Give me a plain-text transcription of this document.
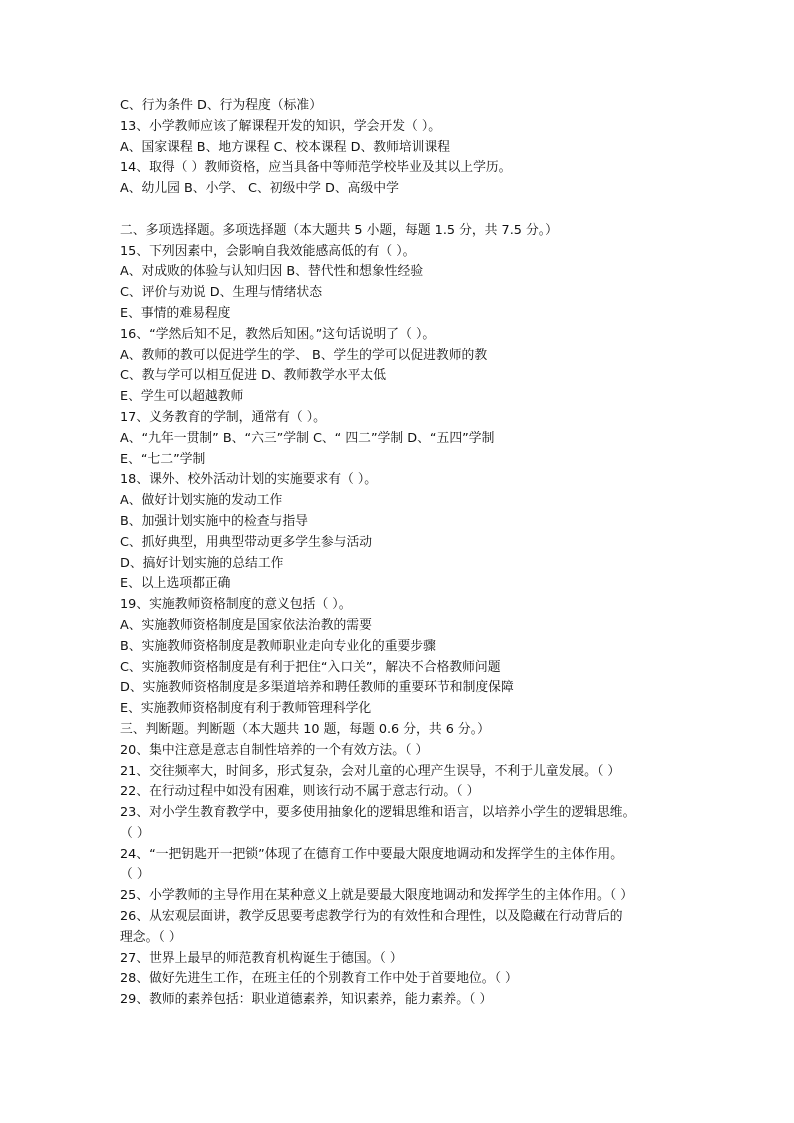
C、行为条件 D、行为程度（标准）
13、小学教师应该了解课程开发的知识，学会开发（ ）。
A、国家课程 B、地方课程 C、校本课程 D、教师培训课程
14、取得（ ）教师资格，应当具备中等师范学校毕业及其以上学历。
A、幼儿园 B、小学、 C、初级中学 D、高级中学
二、多项选择题。多项选择题（本大题共 5 小题，每题 1.5 分，共 7.5 分。）
15、下列因素中，会影响自我效能感高低的有（ ）。
A、对成败的体验与认知归因 B、替代性和想象性经验
C、评价与劝说 D、生理与情绪状态
E、事情的难易程度
16、“学然后知不足，教然后知困。”这句话说明了（ ）。
A、教师的教可以促进学生的学、 B、学生的学可以促进教师的教
C、教与学可以相互促进 D、教师教学水平太低
E、学生可以超越教师
17、义务教育的学制，通常有（ ）。
A、“九年一贯制” B、“六三”学制 C、“ 四二”学制 D、“五四”学制
E、“七二”学制
18、课外、校外活动计划的实施要求有（ ）。
A、做好计划实施的发动工作
B、加强计划实施中的检查与指导
C、抓好典型，用典型带动更多学生参与活动
D、搞好计划实施的总结工作
E、以上选项都正确
19、实施教师资格制度的意义包括（ ）。
A、实施教师资格制度是国家依法治教的需要
B、实施教师资格制度是教师职业走向专业化的重要步骤
C、实施教师资格制度是有利于把住“入口关”，解决不合格教师问题
D、实施教师资格制度是多渠道培养和聘任教师的重要环节和制度保障
E、实施教师资格制度有利于教师管理科学化
三、判断题。判断题（本大题共 10 题，每题 0.6 分，共 6 分。）
20、集中注意是意志自制性培养的一个有效方法。（ ）
21、交往频率大，时间多，形式复杂，会对儿童的心理产生误导，不利于儿童发展。（ ）
22、在行动过程中如没有困难，则该行动不属于意志行动。（ ）
23、对小学生教育教学中，要多使用抽象化的逻辑思维和语言，以培养小学生的逻辑思维。
（ ）
24、“一把钥匙开一把锁”体现了在德育工作中要最大限度地调动和发挥学生的主体作用。
（ ）
25、小学教师的主导作用在某种意义上就是要最大限度地调动和发挥学生的主体作用。（ ）
26、从宏观层面讲，教学反思要考虑教学行为的有效性和合理性，以及隐藏在行动背后的
理念。（ ）
27、世界上最早的师范教育机构诞生于德国。（ ）
28、做好先进生工作，在班主任的个别教育工作中处于首要地位。（ ）
29、教师的素养包括：职业道德素养，知识素养，能力素养。（ ）
